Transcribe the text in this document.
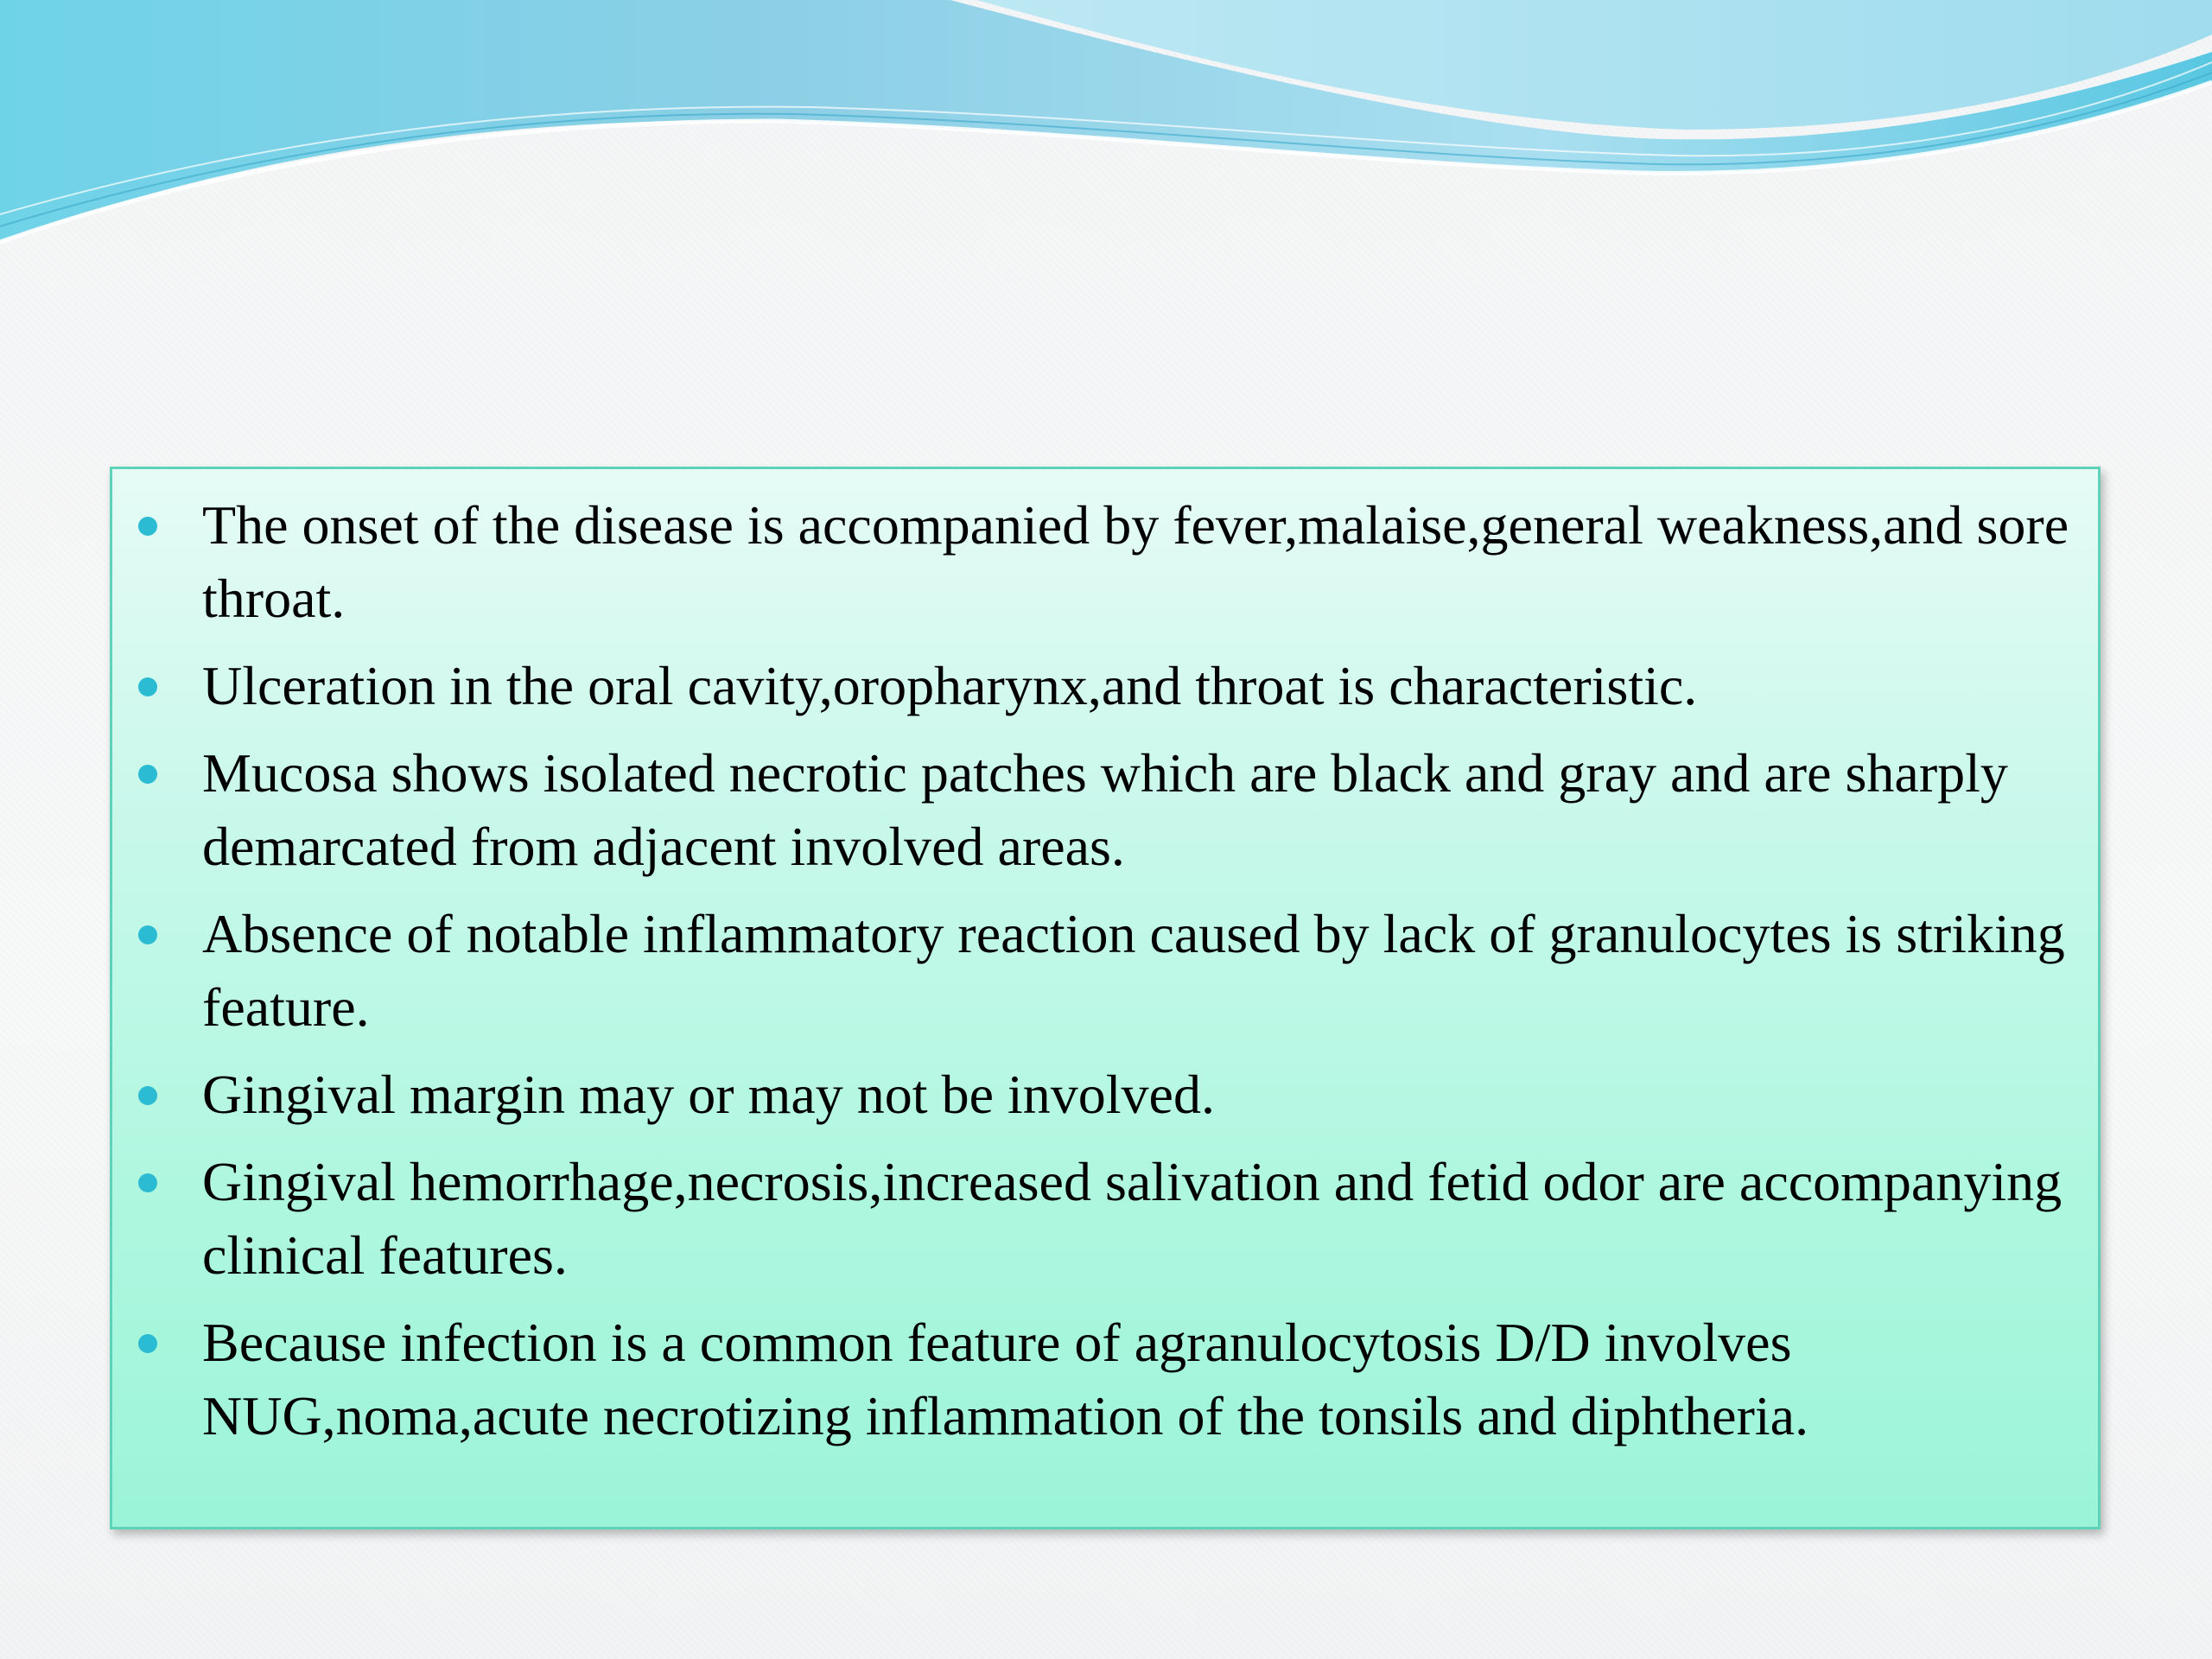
The onset of the disease is accompanied by fever,malaise,general weakness,and sore throat.
Ulceration in the oral cavity,oropharynx,and throat is characteristic.
Mucosa shows isolated necrotic patches which are black and gray and are sharply demarcated from adjacent involved areas.
Absence of notable inflammatory reaction caused by lack of granulocytes is striking feature.
Gingival margin may or may not be involved.
Gingival hemorrhage,necrosis,increased salivation and fetid odor are accompanying clinical features.
Because infection is a common feature of agranulocytosis D/D involves NUG,noma,acute necrotizing inflammation of the tonsils and diphtheria.
